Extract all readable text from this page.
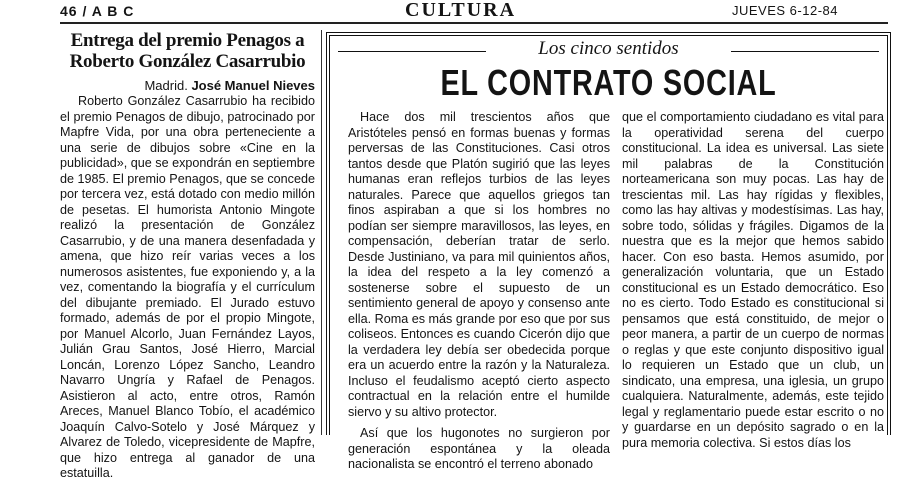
46 / A B C	CULTURA	JUEVES 6-12-84
Entrega del premio Penagos a Roberto González Casarrubio
Madrid. José Manuel Nieves

Roberto González Casarrubio ha recibido el premio Penagos de dibujo, patrocinado por Mapfre Vida, por una obra perteneciente a una serie de dibujos sobre «Cine en la publicidad», que se expondrán en septiembre de 1985. El premio Penagos, que se concede por tercera vez, está dotado con medio millón de pesetas. El humorista Antonio Mingote realizó la presentación de González Casarrubio, y de una manera desenfadada y amena, que hizo reír varias veces a los numerosos asistentes, fue exponiendo y, a la vez, comentando la biografía y el currículum del dibujante premiado. El Jurado estuvo formado, además de por el propio Mingote, por Manuel Alcorlo, Juan Fernández Layos, Julián Grau Santos, José Hierro, Marcial Loncán, Lorenzo López Sancho, Leandro Navarro Ungría y Rafael de Penagos. Asistieron al acto, entre otros, Ramón Areces, Manuel Blanco Tobío, el académico Joaquín Calvo-Sotelo y José Márquez y Alvarez de Toledo, vicepresidente de Mapfre, que hizo entrega al ganador de una estatuilla.

Los cinco sentidos
EL CONTRATO SOCIAL

Hace dos mil trescientos años que Aristóteles pensó en formas buenas y formas perversas de las Constituciones. Casi otros tantos desde que Platón sugirió que las leyes humanas eran reflejos turbios de las leyes naturales. Parece que aquellos griegos tan finos aspiraban a que si los hombres no podían ser siempre maravillosos, las leyes, en compensación, deberían tratar de serlo. Desde Justiniano, va para mil quinientos años, la idea del respeto a la ley comenzó a sostenerse sobre el supuesto de un sentimiento general de apoyo y consenso ante ella. Roma es más grande por eso que por sus coliseos. Entonces es cuando Cicerón dijo que la verdadera ley debía ser obedecida porque era un acuerdo entre la razón y la Naturaleza. Incluso el feudalismo aceptó cierto aspecto contractual en la relación entre el humilde siervo y su altivo protector.

Así que los hugonotes no surgieron por generación espontánea y la oleada nacionalista se encontró el terreno abonado

que el comportamiento ciudadano es vital para la operatividad serena del cuerpo constitucional. La idea es universal. Las siete mil palabras de la Constitución norteamericana son muy pocas. Las hay de trescientas mil. Las hay rígidas y flexibles, como las hay altivas y modestísimas. Las hay, sobre todo, sólidas y frágiles. Digamos de la nuestra que es la mejor que hemos sabido hacer. Con eso basta. Hemos asumido, por generalización voluntaria, que un Estado constitucional es un Estado democrático. Eso no es cierto. Todo Estado es constitucional si pensamos que está constituido, de mejor o peor manera, a partir de un cuerpo de normas o reglas y que este conjunto dispositivo igual lo requieren un Estado que un club, un sindicato, una empresa, una iglesia, un grupo cualquiera. Naturalmente, además, este tejido legal y reglamentario puede estar escrito o no y guardarse en un depósito sagrado o en la pura memoria colectiva. Si estos días los
